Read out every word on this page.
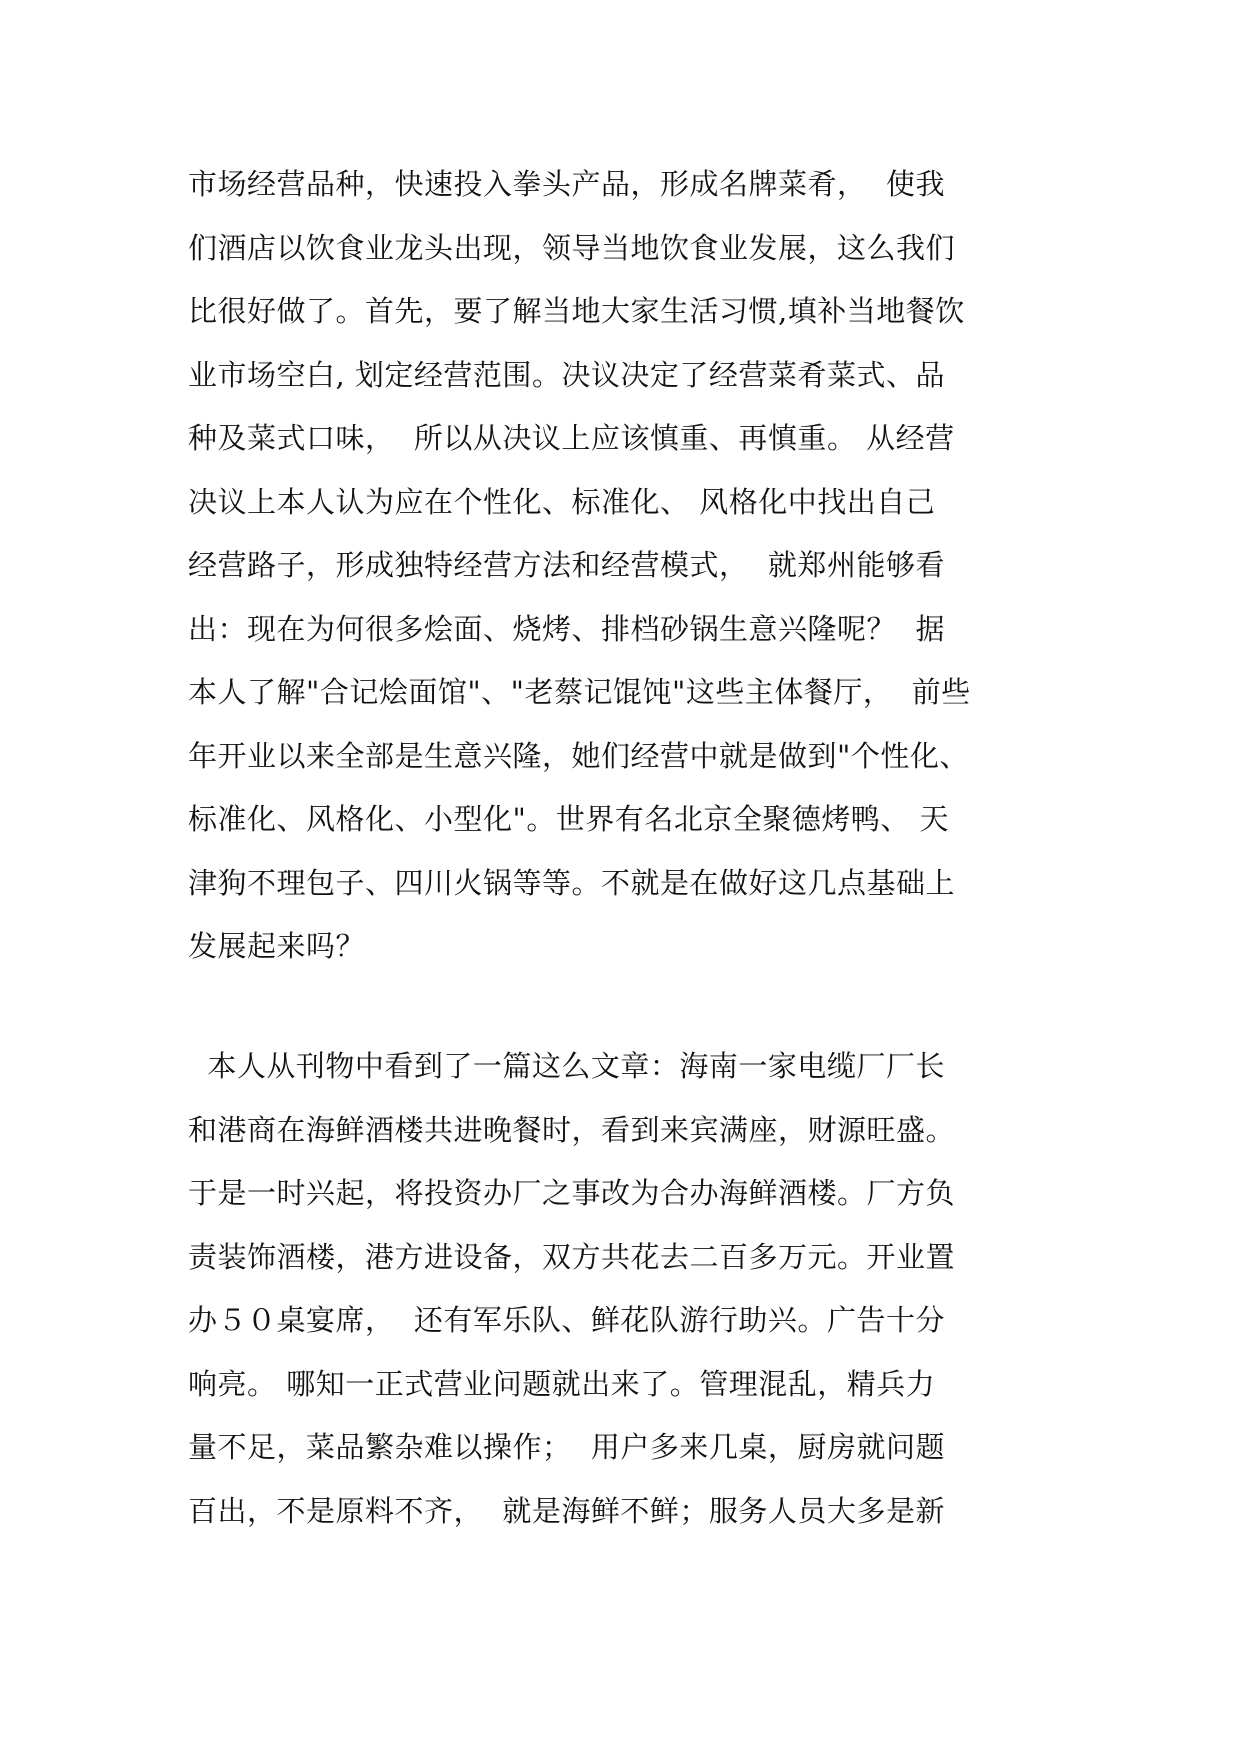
市场经营品种，快速投入拳头产品，形成名牌菜肴，  使我
们酒店以饮食业龙头出现，领导当地饮食业发展，这么我们
比很好做了。首先，要了解当地大家生活习惯,填补当地餐饮
业市场空白, 划定经营范围。决议决定了经营菜肴菜式、品
种及菜式口味，  所以从决议上应该慎重、再慎重。 从经营
决议上本人认为应在个性化、标准化、 风格化中找出自己
经营路子，形成独特经营方法和经营模式，  就郑州能够看
出：现在为何很多烩面、烧烤、排档砂锅生意兴隆呢？  据
本人了解"合记烩面馆"、"老蔡记馄饨"这些主体餐厅，  前些
年开业以来全部是生意兴隆，她们经营中就是做到"个性化、
标准化、风格化、小型化"。世界有名北京全聚德烤鸭、 天
津狗不理包子、四川火锅等等。不就是在做好这几点基础上
发展起来吗？
本人从刊物中看到了一篇这么文章：海南一家电缆厂厂长
和港商在海鲜酒楼共进晚餐时，看到来宾满座，财源旺盛。
于是一时兴起，将投资办厂之事改为合办海鲜酒楼。厂方负
责装饰酒楼，港方进设备，双方共花去二百多万元。开业置
办５０桌宴席，  还有军乐队、鲜花队游行助兴。广告十分
响亮。 哪知一正式营业问题就出来了。管理混乱，精兵力
量不足，菜品繁杂难以操作；  用户多来几桌，厨房就问题
百出，不是原料不齐，  就是海鲜不鲜；服务人员大多是新
